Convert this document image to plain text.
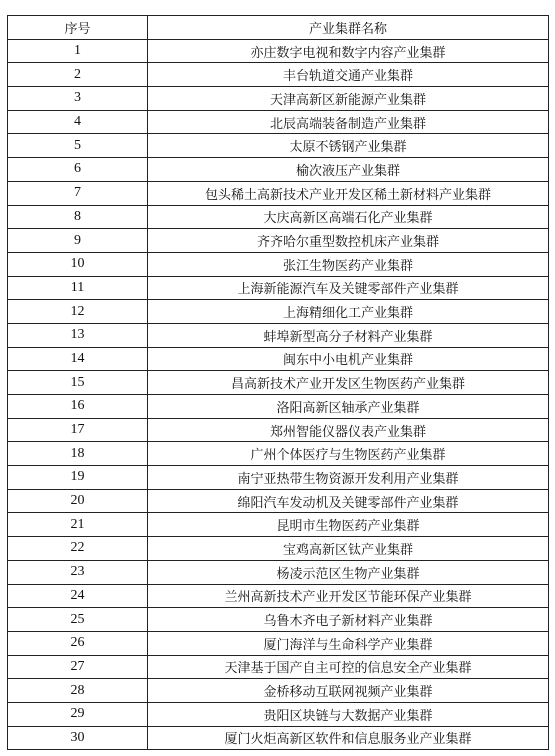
序号	产业集群名称
1	亦庄数字电视和数字内容产业集群
2	丰台轨道交通产业集群
3	天津高新区新能源产业集群
4	北辰高端装备制造产业集群
5	太原不锈钢产业集群
6	榆次液压产业集群
7	包头稀土高新技术产业开发区稀土新材料产业集群
8	大庆高新区高端石化产业集群
9	齐齐哈尔重型数控机床产业集群
10	张江生物医药产业集群
11	上海新能源汽车及关键零部件产业集群
12	上海精细化工产业集群
13	蚌埠新型高分子材料产业集群
14	闽东中小电机产业集群
15	昌高新技术产业开发区生物医药产业集群
16	洛阳高新区轴承产业集群
17	郑州智能仪器仪表产业集群
18	广州个体医疗与生物医药产业集群
19	南宁亚热带生物资源开发利用产业集群
20	绵阳汽车发动机及关键零部件产业集群
21	昆明市生物医药产业集群
22	宝鸡高新区钛产业集群
23	杨凌示范区生物产业集群
24	兰州高新技术产业开发区节能环保产业集群
25	乌鲁木齐电子新材料产业集群
26	厦门海洋与生命科学产业集群
27	天津基于国产自主可控的信息安全产业集群
28	金桥移动互联网视频产业集群
29	贵阳区块链与大数据产业集群
30	厦门火炬高新区软件和信息服务业产业集群
